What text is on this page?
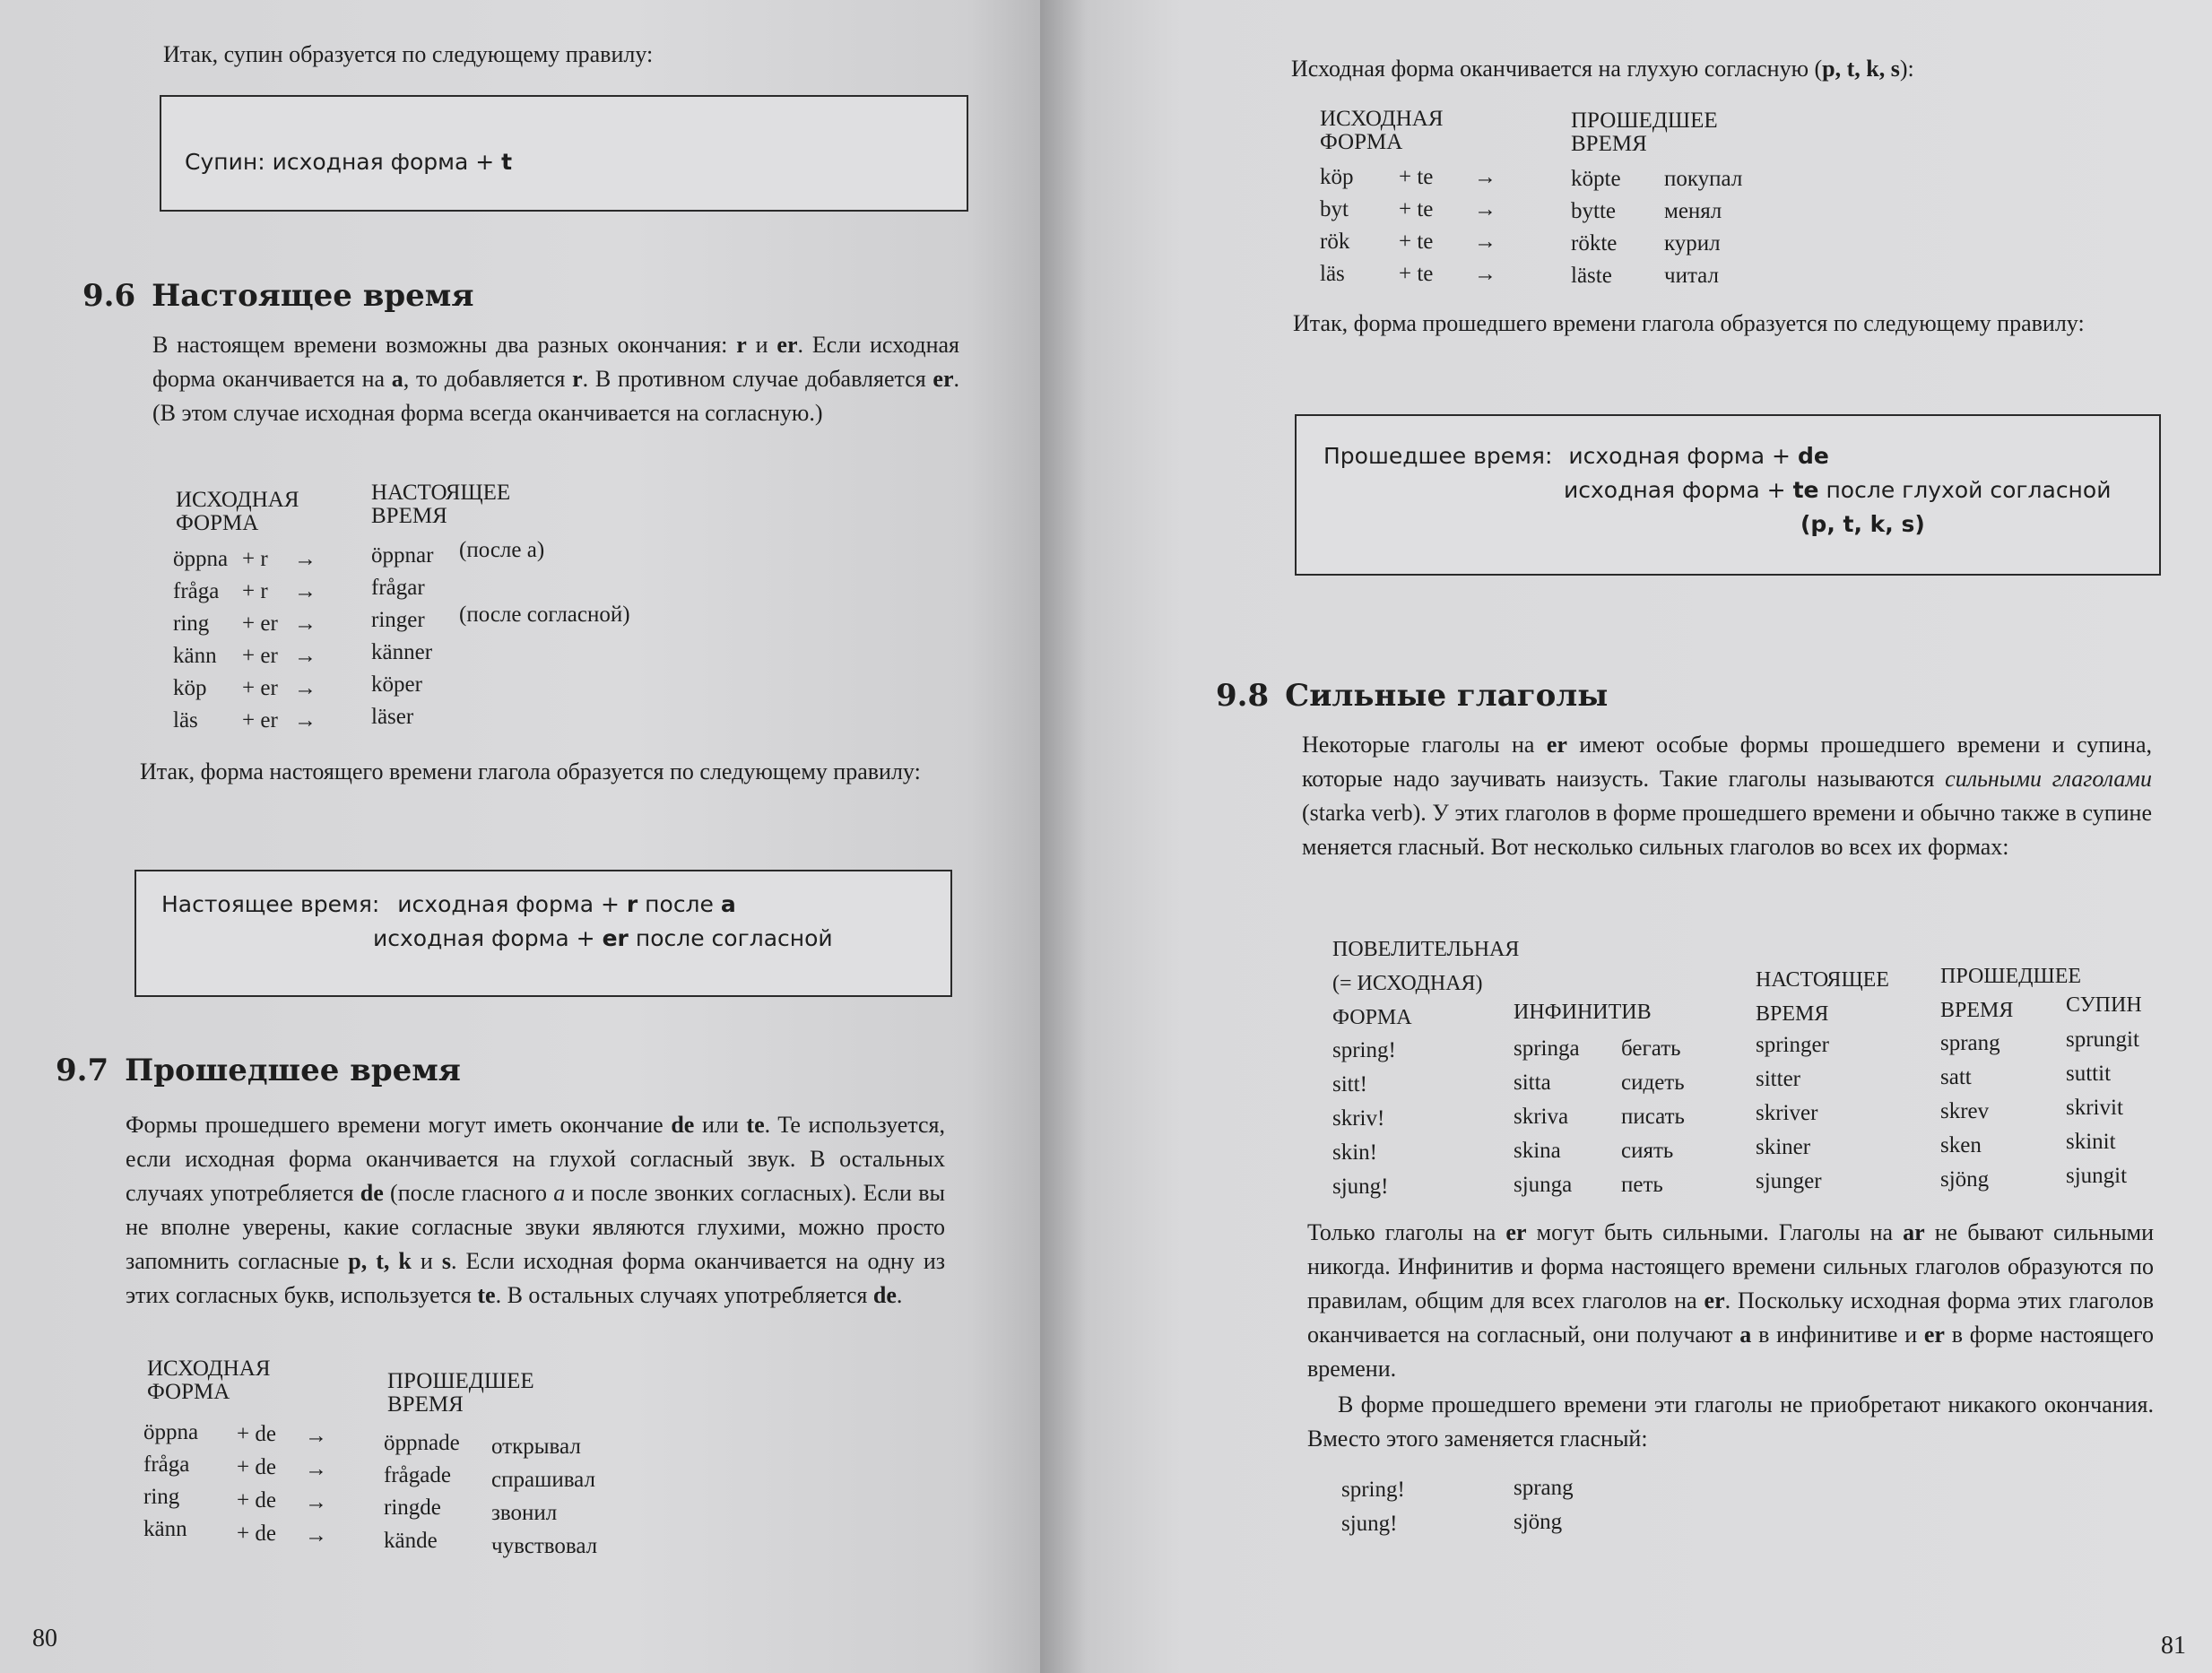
Итак, супин образуется по следующему правилу:
Супин: исходная форма + t
9.6 Настоящее время
В настоящем времени возможны два разных окончания: r и er. Если исходная форма оканчивается на a, то добавляется r. В противном случае добавляется er. (В этом случае исходная форма всегда оканчивается на согласную.)
ИСХОДНАЯ
ФОРМА
НАСТОЯЩЕЕ
ВРЕМЯ
öppna + r → öppnar (после a)
fråga + r → frågar
ring + er → ringer (после согласной)
känn + er → känner
köp + er → köper
läs + er → läser
Итак, форма настоящего времени глагола образуется по следующему правилу:
Настоящее время: исходная форма + r после a
исходная форма + er после согласной
9.7 Прошедшее время
Формы прошедшего времени могут иметь окончание de или te. Te используется, если исходная форма оканчивается на глухой согласный звук. В остальных случаях употребляется de (после гласного a и после звонких согласных). Если вы не вполне уверены, какие согласные звуки являются глухими, можно просто запомнить согласные p, t, k и s. Если исходная форма оканчивается на одну из этих согласных букв, используется te. В остальных случаях употребляется de.
ИСХОДНАЯ
ФОРМА	ПРОШЕДШЕЕ
ВРЕМЯ
öppna + de →	öppnade открывал
fråga + de →	frågade спрашивал
ring	+ de →	ringde звонил
känn + de →	kände чувствовал
80
Исходная форма оканчивается на глухую согласную (p, t, k, s):
ИСХОДНАЯ
ФОРМА
ПРОШЕДШЕЕ
ВРЕМЯ
köp + te →	köpte покупал
byt + te →	bytte менял
rök + te →	rökte курил
läs + te →	läste читал
Итак, форма прошедшего времени глагола образуется по следующему правилу:
Прошедшее время: исходная форма + de
исходная форма + te после глухой согласной
(p, t, k, s)
9.8 Сильные глаголы
Некоторые глаголы на er имеют особые формы прошедшего времени и супина, которые надо заучивать наизусть. Такие глаголы называются сильными глаголами (starka verb). У этих глаголов в форме прошедшего времени и обычно также в супине меняется гласный. Вот несколько сильных глаголов во всех их формах:
ПОВЕЛИТЕЛЬНАЯ
(= ИСХОДНАЯ)
ФОРМА	ИНФИНИТИВ
НАСТОЯЩЕЕ
ВРЕМЯ
ПРОШЕДШЕЕ
ВРЕМЯ	СУПИН
spring!	springa бегать	springer	sprang	sprungit
sitt!	sitta	сидеть	sitter	satt	suttit
skriv!	skriva писать	skriver	skrev	skrivit
skin!	skina	сиять	skiner	sken	skinit
sjung!	sjunga петь	sjunger	sjöng	sjungit
Только глаголы на er могут быть сильными. Глаголы на ar не бывают сильными никогда. Инфинитив и форма настоящего времени сильных глаголов образуются по правилам, общим для всех глаголов на er. Поскольку исходная форма этих глаголов оканчивается на согласный, они получают a в инфинитиве и er в форме настоящего времени.
В форме прошедшего времени эти глаголы не приобретают никакого окончания. Вместо этого заменяется гласный:
spring!	sprang
sjung!	sjöng
81
